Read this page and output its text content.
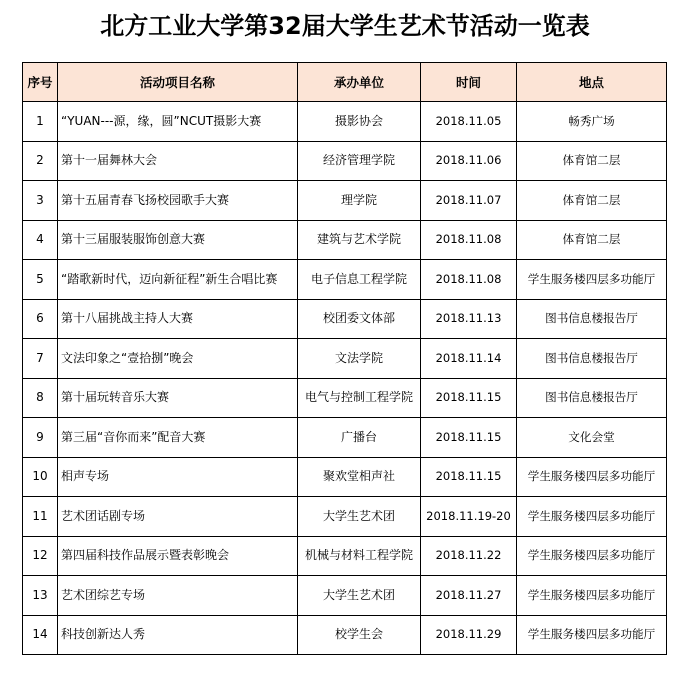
北方工业大学第32届大学生艺术节活动一览表
序号	活动项目名称	承办单位	时间	地点
1	“YUAN---源，缘，圆”NCUT摄影大赛	摄影协会	2018.11.05	畅秀广场
2	第十一届舞林大会	经济管理学院	2018.11.06	体育馆二层
3	第十五届青春飞扬校园歌手大赛	理学院	2018.11.07	体育馆二层
4	第十三届服装服饰创意大赛	建筑与艺术学院	2018.11.08	体育馆二层
5	“踏歌新时代，迈向新征程”新生合唱比赛	电子信息工程学院	2018.11.08	学生服务楼四层多功能厅
6	第十八届挑战主持人大赛	校团委文体部	2018.11.13	图书信息楼报告厅
7	文法印象之“壹拾捌”晚会	文法学院	2018.11.14	图书信息楼报告厅
8	第十届玩转音乐大赛	电气与控制工程学院	2018.11.15	图书信息楼报告厅
9	第三届“音你而来”配音大赛	广播台	2018.11.15	文化会堂
10	相声专场	聚欢堂相声社	2018.11.15	学生服务楼四层多功能厅
11	艺术团话剧专场	大学生艺术团	2018.11.19-20	学生服务楼四层多功能厅
12	第四届科技作品展示暨表彰晚会	机械与材料工程学院	2018.11.22	学生服务楼四层多功能厅
13	艺术团综艺专场	大学生艺术团	2018.11.27	学生服务楼四层多功能厅
14	科技创新达人秀	校学生会	2018.11.29	学生服务楼四层多功能厅
